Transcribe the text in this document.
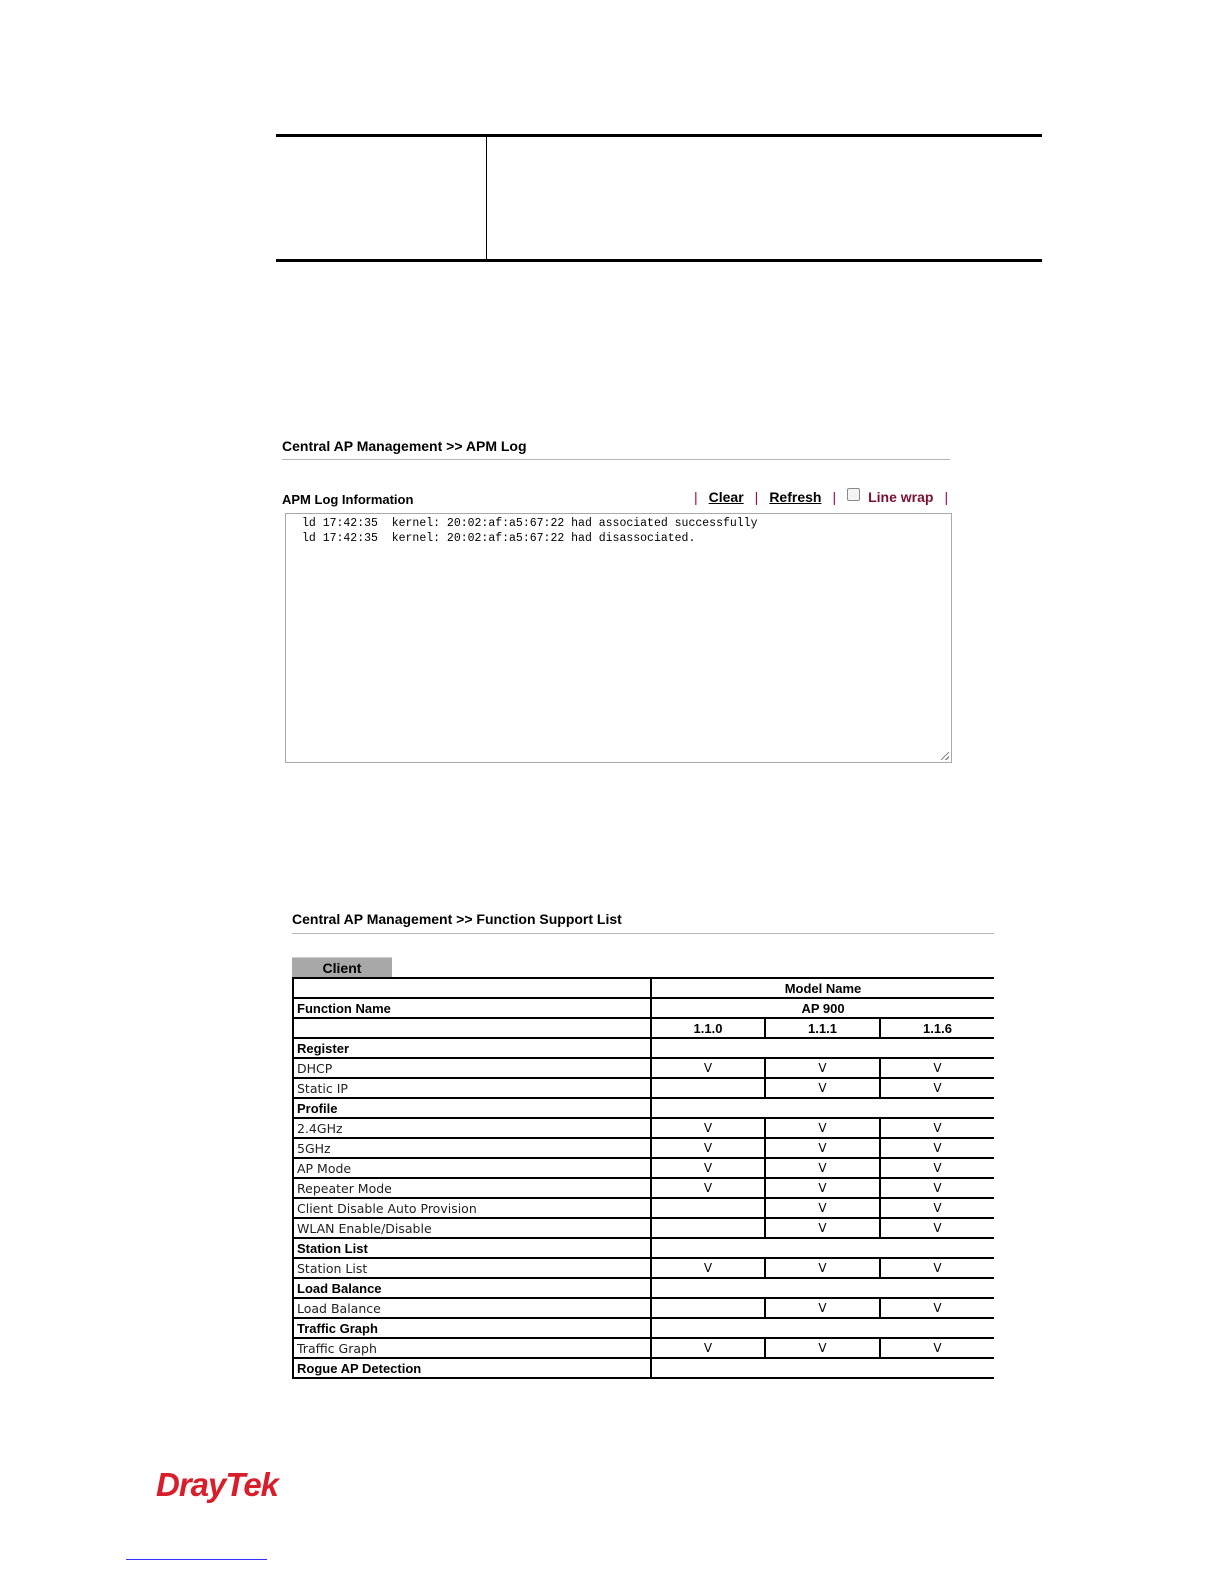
Central AP Management >> APM Log
APM Log Information	| Clear | Refresh | Line wrap |
ld 17:42:35  kernel: 20:02:af:a5:67:22 had associated successfully
ld 17:42:35  kernel: 20:02:af:a5:67:22 had disassociated.
Central AP Management >> Function Support List
Client
	Model Name		
Function Name	AP 900		
	1.1.0	1.1.1	1.1.6
Register			
DHCP	V	V	V
Static IP		V	V
Profile			
2.4GHz	V	V	V
5GHz	V	V	V
AP Mode	V	V	V
Repeater Mode	V	V	V
Client Disable Auto Provision		V	V
WLAN Enable/Disable		V	V
Station List			
Station List	V	V	V
Load Balance			
Load Balance		V	V
Traffic Graph			
Traffic Graph	V	V	V
Rogue AP Detection			
DrayTek
